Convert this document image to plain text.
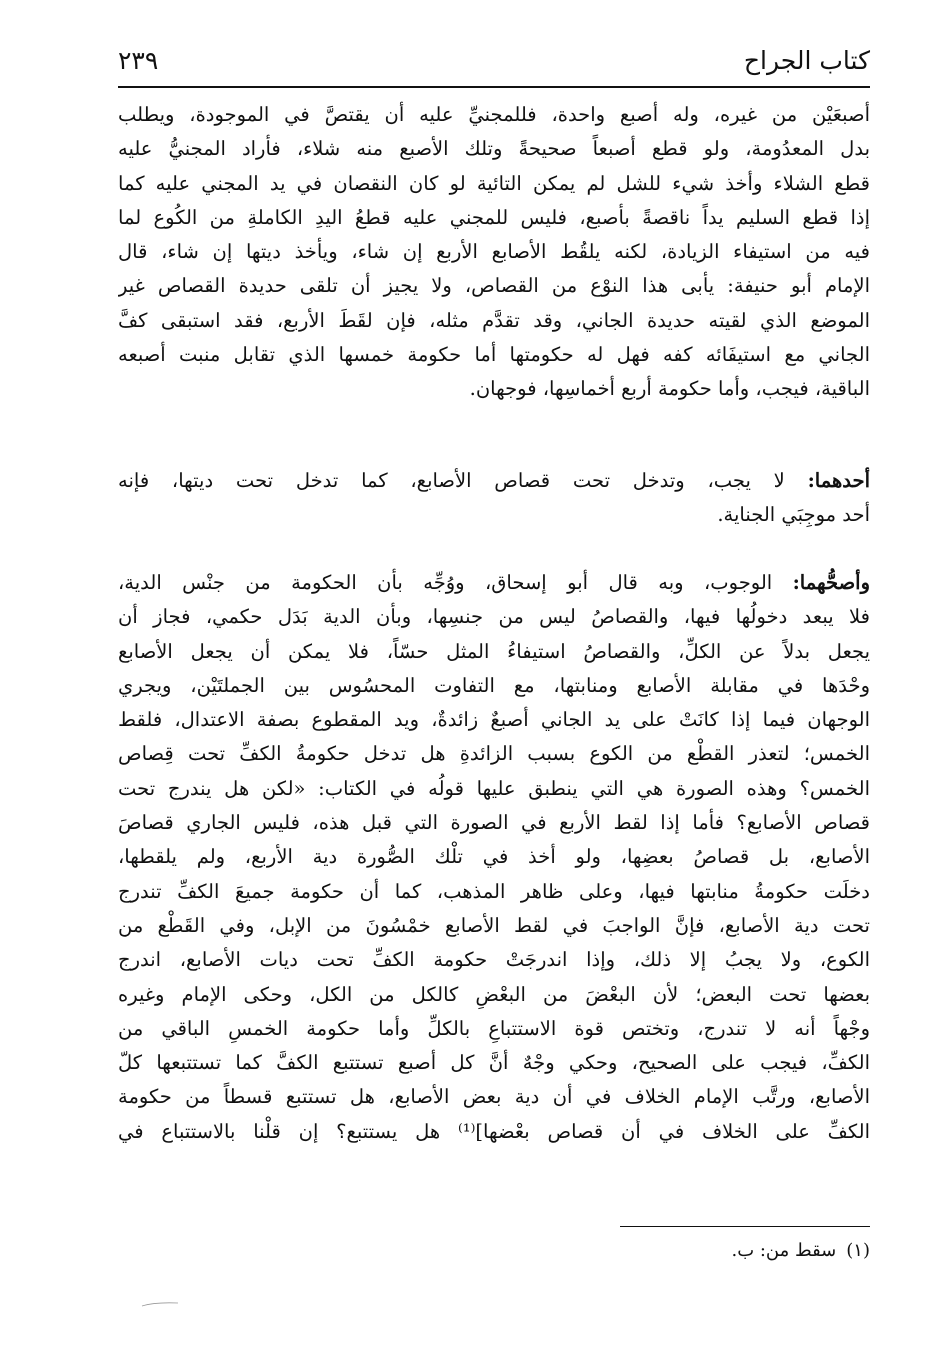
كتاب الجراح
٢٣٩
أصبعَيْن من غيره، وله أصبع واحدة، فللمجنيِّ عليه أن يقتصَّ في الموجودة، ويطلب
بدل المعدُومة، ولو قطع أصبعاً صحيحةً وتلك الأصبع منه شلاء، فأراد المجنيُّ عليه
قطع الشلاء وأخذ شيء للشل لم يمكن التائية لو كان النقصان في يد المجني عليه كما
إذا قطع السليم يداً ناقصةً بأصبع، فليس للمجني عليه قطعُ اليدِ الكاملةِ من الكُوع لما
فيه من استيفاء الزيادة، لكنه يلقُط الأصابع الأربع إن شاء، ويأخذ ديتها إن شاء، قال
الإمام أبو حنيفة: يأبى هذا النوْع من القصاص، ولا يجيز أن تلقى حديدة القصاص غير
الموضع الذي لقيته حديدة الجاني، وقد تقدَّم مثله، فإن لقَطَ الأربع، فقد استبقى كفَّ
الجاني مع استيفَائه كفه فهل له حكومتها أما حكومة خمسها الذي تقابل منبت أصبعه
الباقية، فيجب، وأما حكومة أربع أخماسِها، فوجهان.
أحدهما: لا يجب، وتدخل تحت قصاص الأصابع، كما تدخل تحت ديتها، فإنه
أحد موجِبَي الجناية.
وأصحُّهما: الوجوب، وبه قال أبو إسحاق، ووُجِّه بأن الحكومة من جنْس الدية،
فلا يبعد دخولُها فيها، والقصاصُ ليس من جنسِها، وبأن الدية بَدَل حكمي، فجاز أن
يجعل بدلاً عن الكلِّ، والقصاصُ استيفاءُ المثل حسّاً، فلا يمكن أن يجعل الأصابع
وحْدَها في مقابلة الأصابع ومنابتها، مع التفاوت المحسُوس بين الجملتَيْن، ويجري
الوجهان فيما إذا كانَتْ على يد الجاني أصبعٌ زائدةٌ، ويد المقطوع بصفة الاعتدال، فلقط
الخمس؛ لتعذر القطْع من الكوع بسبب الزائدةِ هل تدخل حكومةُ الكفِّ تحت قِصاص
الخمس؟ وهذه الصورة هي التي ينطبق عليها قولُه في الكتاب: «لكن هل يندرج تحت
قصاص الأصابع؟ فأما إذا لقط الأربع في الصورة التي قبل هذه، فليس الجاري قصاصَ
الأصابع، بل قصاصُ بعضِها، ولو أخذ في تلْك الصُّورة دية الأربع، ولم يلقطها،
دخلَت حكومةُ منابتها فيها، وعلى ظاهر المذهب، كما أن حكومة جميعَ الكفِّ تندرج
تحت دية الأصابع، فإنَّ الواجبَ في لقط الأصابع خمْسُونَ من الإبل، وفي القَطْع من
الكوع، ولا يجبُ إلا ذلك، وإذا اندرجَتْ حكومة الكفِّ تحت ديات الأصابع، اندرج
بعضها تحت البعض؛ لأن البعْضَ من البعْضِ كالكل من الكل، وحكى الإمام وغيره
وجْهاً أنه لا تندرج، وتختص قوة الاستتباعِ بالكلِّ وأما حكومة الخمسِ الباقي من
الكفِّ، فيجب على الصحيح، وحكي وجْهٌ أنَّ كل أصبع تستتبع الكفَّ كما تستتبعها كلّ
الأصابع، ورتَّب الإمام الخلاف في أن دية بعض الأصابع، هل تستتبع قسطاً من حكومة
الكفِّ على الخلاف في أن قصاص بعْضها]⁽¹⁾ هل يستتبع؟ إن قلْنا بالاستتباع في
(١)سقط من: ب.
